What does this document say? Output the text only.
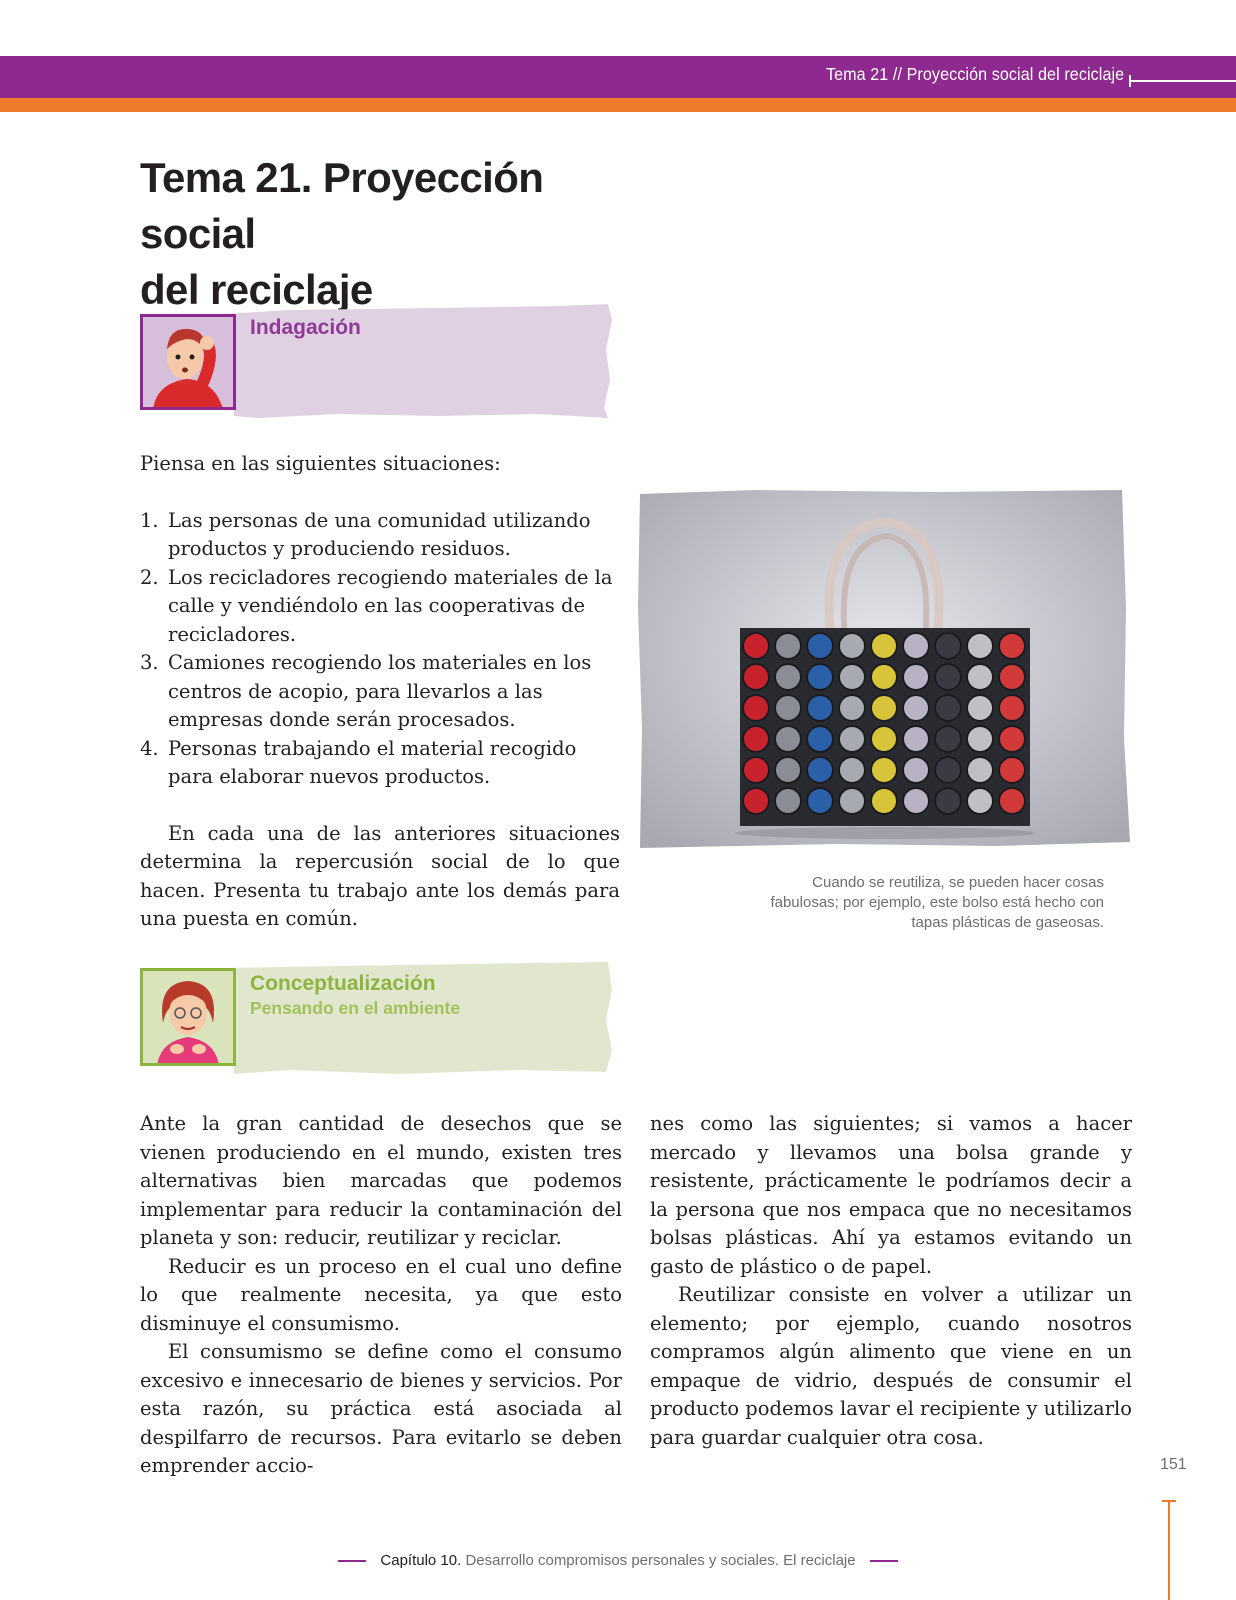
Tema 21 // Proyección social del reciclaje
Tema 21. Proyección social
del reciclaje
Indagación

Piensa en las siguientes situaciones:

1. Las personas de una comunidad utilizando productos y produciendo residuos.
2. Los recicladores recogiendo materiales de la calle y vendiéndolo en las cooperativas de recicladores.
3. Camiones recogiendo los materiales en los centros de acopio, para llevarlos a las empresas donde serán procesados.
4. Personas trabajando el material recogido para elaborar nuevos productos.

En cada una de las anteriores situaciones determina la repercusión social de lo que hacen. Presenta tu trabajo ante los demás para una puesta en común.

Cuando se reutiliza, se pueden hacer cosas fabulosas; por ejemplo, este bolso está hecho con tapas plásticas de gaseosas.
Conceptualización
Pensando en el ambiente

Ante la gran cantidad de desechos que se vienen produciendo en el mundo, existen tres alternativas bien marcadas que podemos implementar para reducir la contaminación del planeta y son: reducir, reutilizar y reciclar.

Reducir es un proceso en el cual uno define lo que realmente necesita, ya que esto disminuye el consumismo.

El consumismo se define como el consumo excesivo e innecesario de bienes y servicios. Por esta razón, su práctica está asociada al despilfarro de recursos. Para evitarlo se deben emprender accio-

nes como las siguientes; si vamos a hacer mercado y llevamos una bolsa grande y resistente, prácticamente le podríamos decir a la persona que nos empaca que no necesitamos bolsas plásticas. Ahí ya estamos evitando un gasto de plástico o de papel.

Reutilizar consiste en volver a utilizar un elemento; por ejemplo, cuando nosotros compramos algún alimento que viene en un empaque de vidrio, después de consumir el producto podemos lavar el recipiente y utilizarlo para guardar cualquier otra cosa.

151
Capítulo 10. Desarrollo compromisos personales y sociales. El reciclaje
